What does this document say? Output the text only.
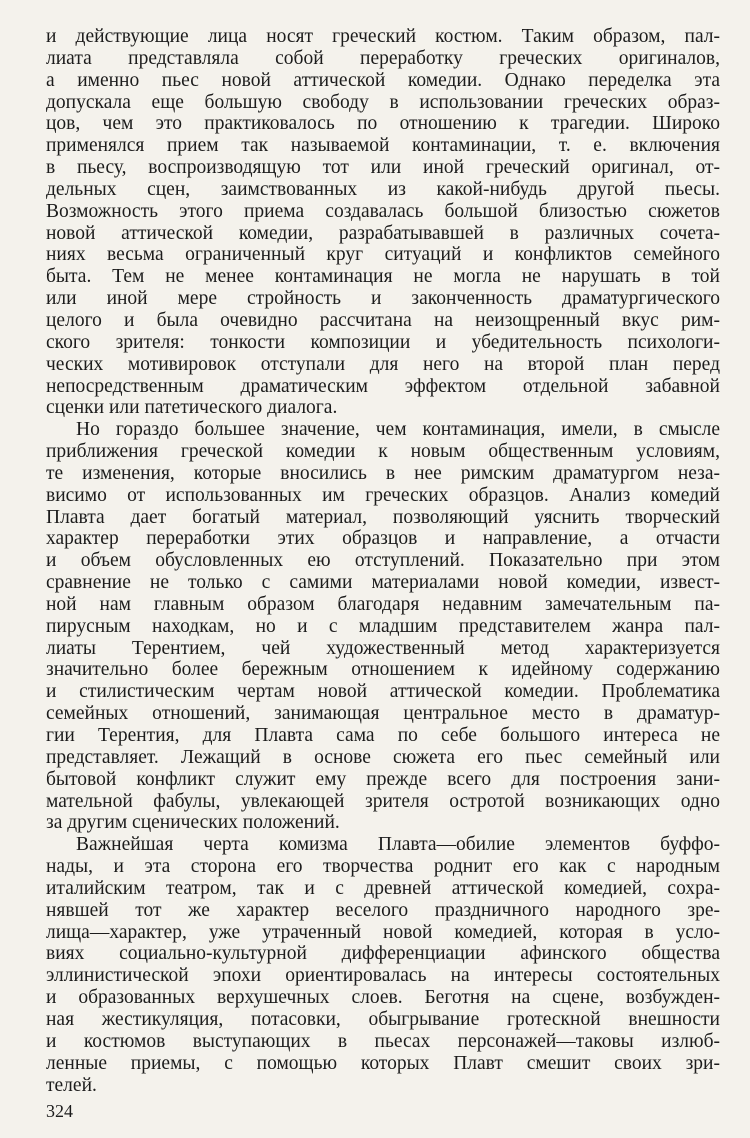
и действующие лица носят греческий костюм. Таким образом, пал-
лиата представляла собой переработку греческих оригиналов,
а именно пьес новой аттической комедии. Однако переделка эта
допускала еще большую свободу в использовании греческих образ-
цов, чем это практиковалось по отношению к трагедии. Широко
применялся прием так называемой контаминации, т. е. включения
в пьесу, воспроизводящую тот или иной греческий оригинал, от-
дельных сцен, заимствованных из какой-нибудь другой пьесы.
Возможность этого приема создавалась большой близостью сюжетов
новой аттической комедии, разрабатывавшей в различных сочета-
ниях весьма ограниченный круг ситуаций и конфликтов семейного
быта. Тем не менее контаминация не могла не нарушать в той
или иной мере стройность и законченность драматургического
целого и была очевидно рассчитана на неизощренный вкус рим-
ского зрителя: тонкости композиции и убедительность психологи-
ческих мотивировок отступали для него на второй план перед
непосредственным драматическим эффектом отдельной забавной
сценки или патетического диалога.
Но гораздо большее значение, чем контаминация, имели, в смысле
приближения греческой комедии к новым общественным условиям,
те изменения, которые вносились в нее римским драматургом неза-
висимо от использованных им греческих образцов. Анализ комедий
Плавта дает богатый материал, позволяющий уяснить творческий
характер переработки этих образцов и направление, а отчасти
и объем обусловленных ею отступлений. Показательно при этом
сравнение не только с самими материалами новой комедии, извест-
ной нам главным образом благодаря недавним замечательным па-
пирусным находкам, но и с младшим представителем жанра пал-
лиаты Терентием, чей художественный метод характеризуется
значительно более бережным отношением к идейному содержанию
и стилистическим чертам новой аттической комедии. Проблематика
семейных отношений, занимающая центральное место в драматур-
гии Терентия, для Плавта сама по себе большого интереса не
представляет. Лежащий в основе сюжета его пьес семейный или
бытовой конфликт служит ему прежде всего для построения зани-
мательной фабулы, увлекающей зрителя остротой возникающих одно
за другим сценических положений.
Важнейшая черта комизма Плавта—обилие элементов буффо-
нады, и эта сторона его творчества роднит его как с народным
италийским театром, так и с древней аттической комедией, сохра-
нявшей тот же характер веселого праздничного народного зре-
лища—характер, уже утраченный новой комедией, которая в усло-
виях социально-культурной дифференциации афинского общества
эллинистической эпохи ориентировалась на интересы состоятельных
и образованных верхушечных слоев. Беготня на сцене, возбужден-
ная жестикуляция, потасовки, обыгрывание гротескной внешности
и костюмов выступающих в пьесах персонажей—таковы излюб-
ленные приемы, с помощью которых Плавт смешит своих зри-
телей.
324
